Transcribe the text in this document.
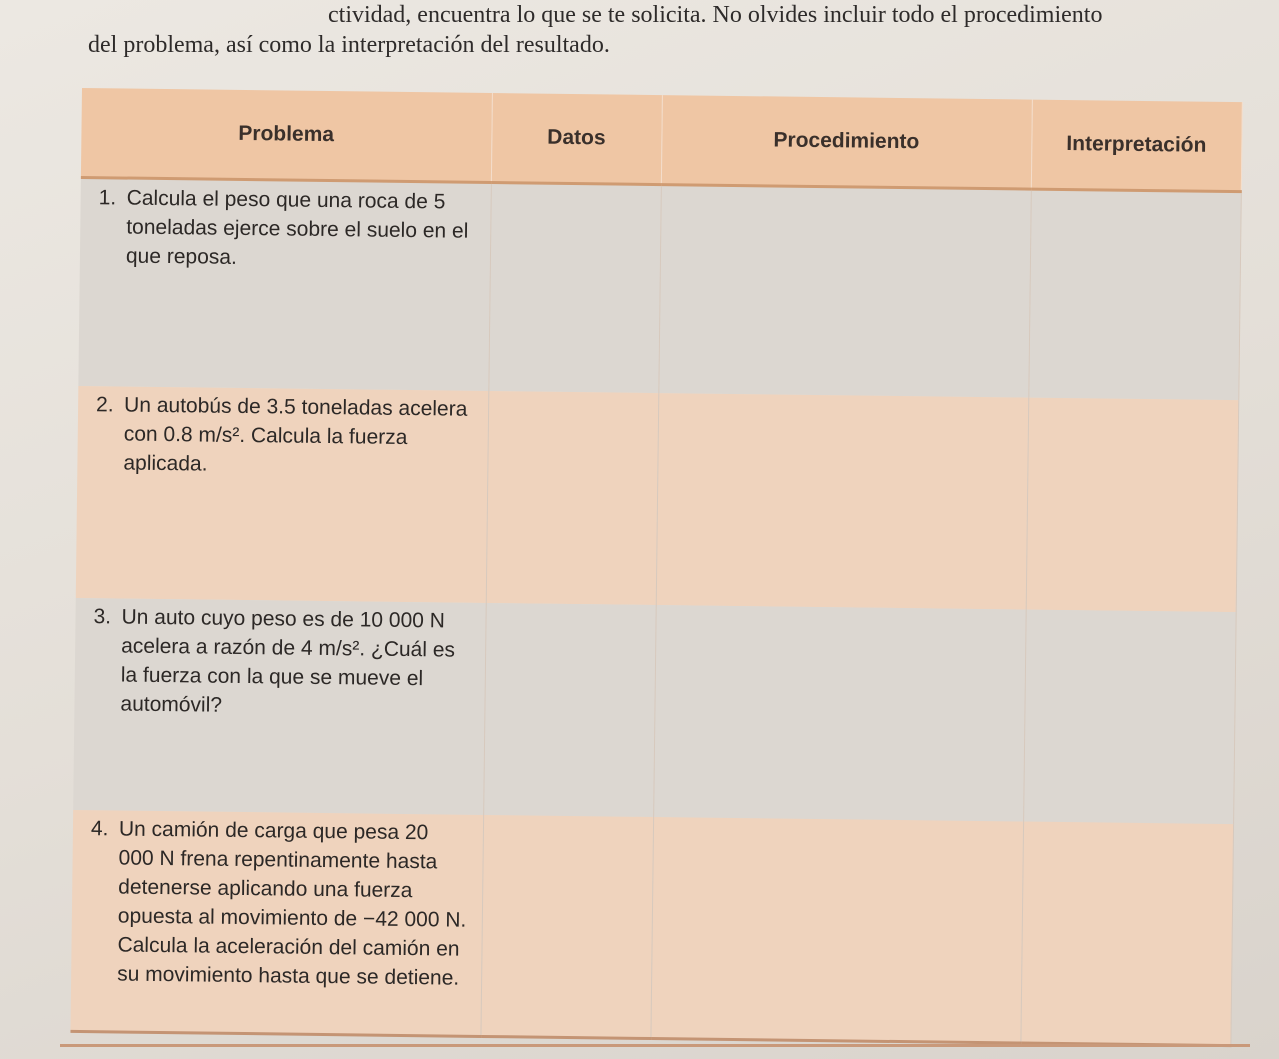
ctividad, encuentra lo que se te solicita. No olvides incluir todo el procedimiento
del problema, así como la interpretación del resultado.
Problema	Datos	Procedimiento	Interpretación
1. Calcula el peso que una roca de 5 toneladas ejerce sobre el suelo en el que reposa.			

2. Un autobús de 3.5 toneladas acelera con 0.8 m/s². Calcula la fuerza aplicada.			

3. Un auto cuyo peso es de 10 000 N acelera a razón de 4 m/s². ¿Cuál es la fuerza con la que se mueve el automóvil?			

4. Un camión de carga que pesa 20 000 N frena repentinamente hasta detenerse aplicando una fuerza opuesta al movimiento de −42 000 N. Calcula la aceleración del camión en su movimiento hasta que se detiene.			
